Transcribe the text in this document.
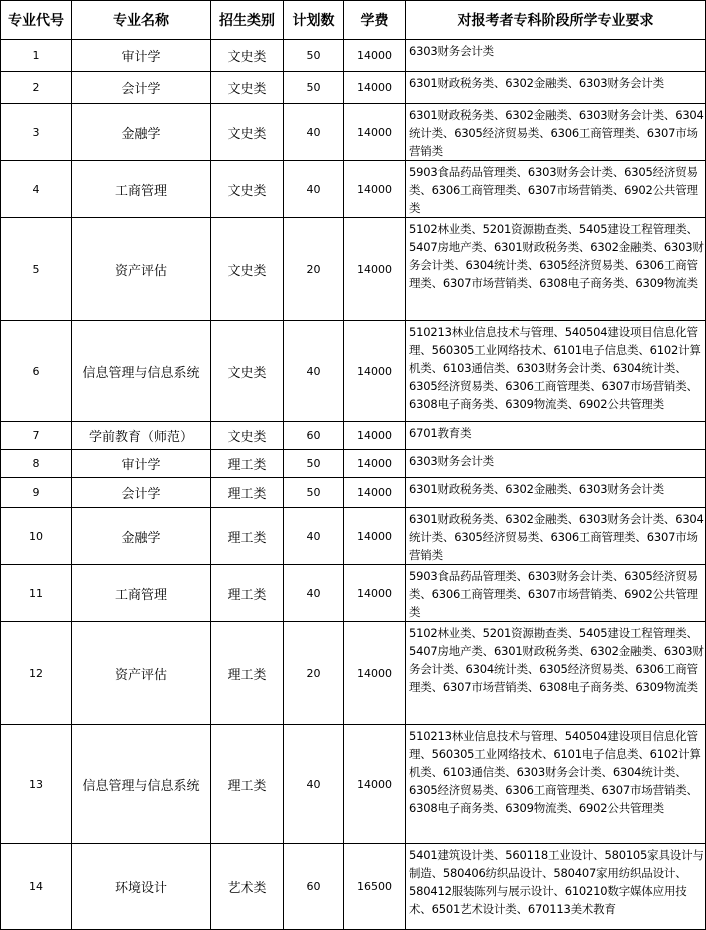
专业代号	专业名称	招生类别	计划数	学费	对报考者专科阶段所学专业要求
1	审计学	文史类	50	14000	6303财务会计类
2	会计学	文史类	50	14000	6301财政税务类、6302金融类、6303财务会计类
3	金融学	文史类	40	14000	6301财政税务类、6302金融类、6303财务会计类、6304统计类、6305经济贸易类、6306工商管理类、6307市场营销类
4	工商管理	文史类	40	14000	5903食品药品管理类、6303财务会计类、6305经济贸易类、6306工商管理类、6307市场营销类、6902公共管理类
5	资产评估	文史类	20	14000	5102林业类、5201资源勘查类、5405建设工程管理类、5407房地产类、6301财政税务类、6302金融类、6303财务会计类、6304统计类、6305经济贸易类、6306工商管理类、6307市场营销类、6308电子商务类、6309物流类
6	信息管理与信息系统	文史类	40	14000	510213林业信息技术与管理、540504建设项目信息化管理、560305工业网络技术、6101电子信息类、6102计算机类、6103通信类、6303财务会计类、6304统计类、6305经济贸易类、6306工商管理类、6307市场营销类、6308电子商务类、6309物流类、6902公共管理类
7	学前教育（师范）	文史类	60	14000	6701教育类
8	审计学	理工类	50	14000	6303财务会计类
9	会计学	理工类	50	14000	6301财政税务类、6302金融类、6303财务会计类
10	金融学	理工类	40	14000	6301财政税务类、6302金融类、6303财务会计类、6304统计类、6305经济贸易类、6306工商管理类、6307市场营销类
11	工商管理	理工类	40	14000	5903食品药品管理类、6303财务会计类、6305经济贸易类、6306工商管理类、6307市场营销类、6902公共管理类
12	资产评估	理工类	20	14000	5102林业类、5201资源勘查类、5405建设工程管理类、5407房地产类、6301财政税务类、6302金融类、6303财务会计类、6304统计类、6305经济贸易类、6306工商管理类、6307市场营销类、6308电子商务类、6309物流类
13	信息管理与信息系统	理工类	40	14000	510213林业信息技术与管理、540504建设项目信息化管理、560305工业网络技术、6101电子信息类、6102计算机类、6103通信类、6303财务会计类、6304统计类、6305经济贸易类、6306工商管理类、6307市场营销类、6308电子商务类、6309物流类、6902公共管理类
14	环境设计	艺术类	60	16500	5401建筑设计类、560118工业设计、580105家具设计与制造、580406纺织品设计、580407家用纺织品设计、580412服装陈列与展示设计、610210数字媒体应用技术、6501艺术设计类、670113美术教育
